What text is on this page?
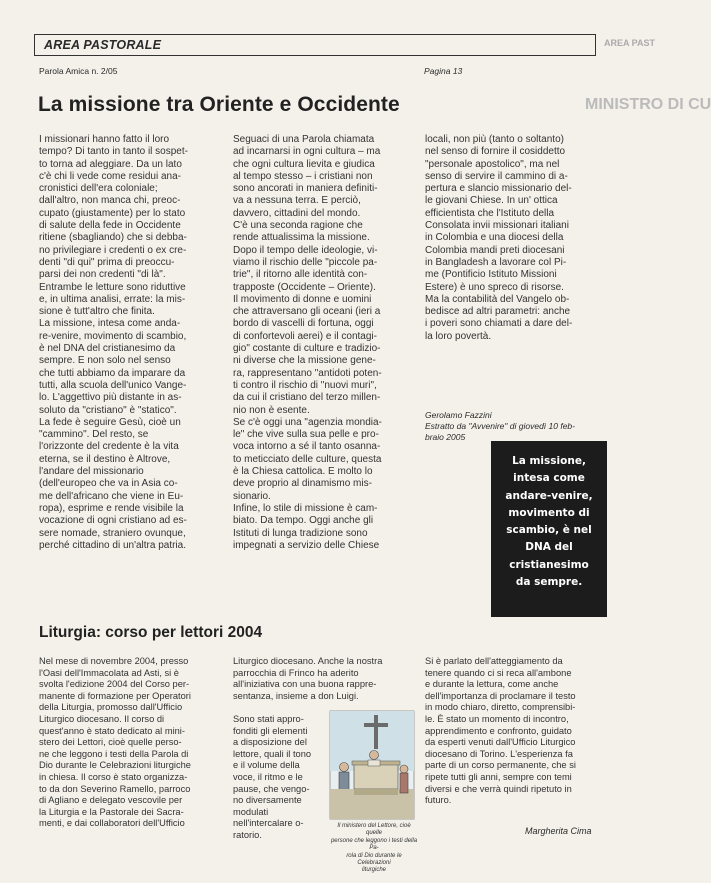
AREA PASTORALE	AREA PAST
Parola Amica n. 2/05	Pagina 13
La missione tra Oriente e Occidente	MINISTRO DI CU
I missionari hanno fatto il loro
tempo? Di tanto in tanto il sospet-
to torna ad aleggiare. Da un lato
c'è chi li vede come residui ana-
cronistici dell'era coloniale;
dall'altro, non manca chi, preoc-
cupato (giustamente) per lo stato
di salute della fede in Occidente
ritiene (sbagliando) che si debba-
no privilegiare i credenti o ex cre-
denti "di qui" prima di preoccu-
parsi dei non credenti "di là".
Entrambe le letture sono riduttive
e, in ultima analisi, errate: la mis-
sione è tutt'altro che finita.
La missione, intesa come anda-
re-venire, movimento di scambio,
è nel DNA del cristianesimo da
sempre. E non solo nel senso
che tutti abbiamo da imparare da
tutti, alla scuola dell'unico Vange-
lo. L'aggettivo più distante in as-
soluto da "cristiano" è "statico".
La fede è seguire Gesù, cioè un
"cammino". Del resto, se
l'orizzonte del credente è la vita
eterna, se il destino è Altrove,
l'andare del missionario
(dell'europeo che va in Asia co-
me dell'africano che viene in Eu-
ropa), esprime e rende visibile la
vocazione di ogni cristiano ad es-
sere nomade, straniero ovunque,
perché cittadino di un'altra patria.
Seguaci di una Parola chiamata
ad incarnarsi in ogni cultura – ma
che ogni cultura lievita e giudica
al tempo stesso – i cristiani non
sono ancorati in maniera definiti-
va a nessuna terra. E perciò,
davvero, cittadini del mondo.
C'è una seconda ragione che
rende attualissima la missione.
Dopo il tempo delle ideologie, vi-
viamo il rischio delle "piccole pa-
trie", il ritorno alle identità con-
trapposte (Occidente – Oriente).
Il movimento di donne e uomini
che attraversano gli oceani (ieri a
bordo di vascelli di fortuna, oggi
di confortevoli aerei) e il contagi-
gio" costante di culture e tradizio-
ni diverse che la missione gene-
ra, rappresentano "antidoti poten-
ti contro il rischio di "nuovi muri",
da cui il cristiano del terzo millen-
nio non è esente.
Se c'è oggi una "agenzia mondia-
le" che vive sulla sua pelle e pro-
voca intorno a sé il tanto osanna-
to meticciato delle culture, questa
è la Chiesa cattolica. E molto lo
deve proprio al dinamismo mis-
sionario.
Infine, lo stile di missione è cam-
biato. Da tempo. Oggi anche gli
Istituti di lunga tradizione sono
impegnati a servizio delle Chiese
locali, non più (tanto o soltanto)
nel senso di fornire il cosiddetto
"personale apostolico", ma nel
senso di servire il cammino di a-
pertura e slancio missionario del-
le giovani Chiese. In un' ottica
efficientista che l'Istituto della
Consolata invii missionari italiani
in Colombia e una diocesi della
Colombia mandi preti diocesani
in Bangladesh a lavorare col Pi-
me (Pontificio Istituto Missioni
Estere) è uno spreco di risorse.
Ma la contabilità del Vangelo ob-
bedisce ad altri parametri: anche
i poveri sono chiamati a dare del-
la loro povertà.
Gerolamo Fazzini
Estratto da "Avvenire" di giovedì 10 feb-
braio 2005
La missione,
intesa come
andare-venire,
movimento di
scambio, è nel
DNA del
cristianesimo
da sempre.
Liturgia: corso per lettori 2004
Nel mese di novembre 2004, presso
l'Oasi dell'Immacolata ad Asti, si è
svolta l'edizione 2004 del Corso per-
manente di formazione per Operatori
della Liturgia, promosso dall'Ufficio
Liturgico diocesano. Il corso di
quest'anno è stato dedicato al mini-
stero dei Lettori, cioè quelle perso-
ne che leggono i testi della Parola di
Dio durante le Celebrazioni liturgiche
in chiesa. Il corso è stato organizza-
to da don Severino Ramello, parroco
di Agliano e delegato vescovile per
la Liturgia e la Pastorale dei Sacra-
menti, e dai collaboratori dell'Ufficio
Liturgico diocesano. Anche la nostra
parrocchia di Frinco ha aderito
all'iniziativa con una buona rappre-
sentanza, insieme a don Luigi.
Sono stati appro-
fonditi gli elementi
a disposizione del
lettore, quali il tono
e il volume della
voce, il ritmo e le
pause, che vengo-
no diversamente
modulati
nell'intercalare o-
ratorio.
Si è parlato dell'atteggiamento da
tenere quando ci si reca all'ambone
e durante la lettura, come anche
dell'importanza di proclamare il testo
in modo chiaro, diretto, comprensibi-
le. È stato un momento di incontro,
apprendimento e confronto, guidato
da esperti venuti dall'Ufficio Liturgico
diocesano di Torino. L'esperienza fa
parte di un corso permanente, che si
ripete tutti gli anni, sempre con temi
diversi e che verrà quindi ripetuto in
futuro.
Il ministero del Lettore, cioè quelle
persone che leggono i testi della Pa-
rola di Dio durante le Celebrazioni
liturgiche
Margherita Cima
